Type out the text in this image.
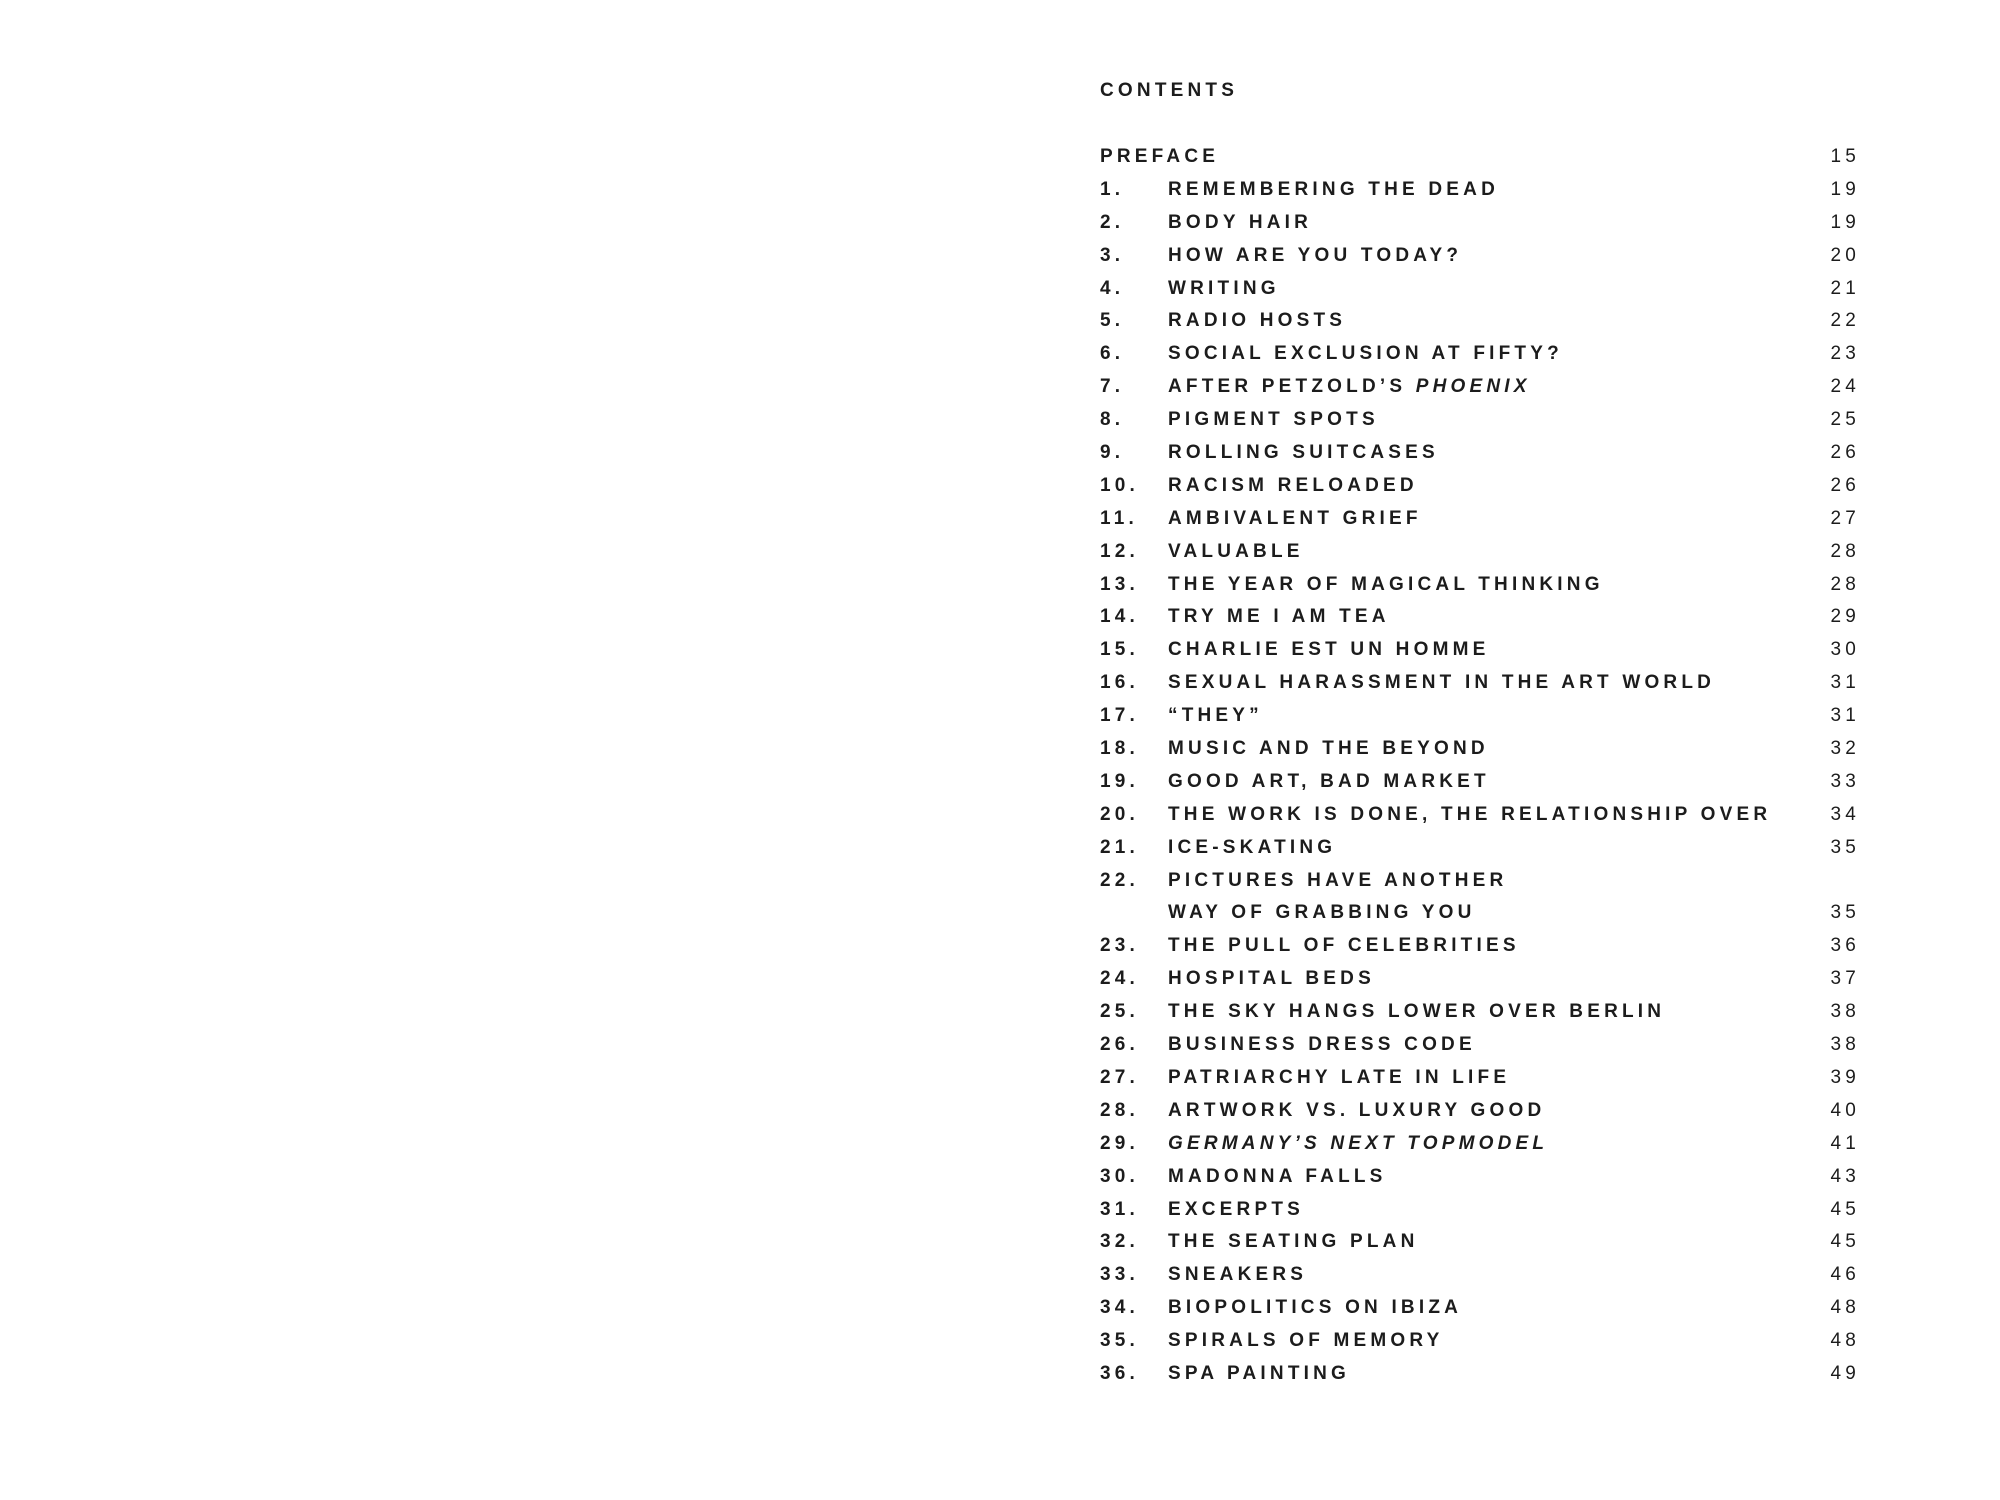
CONTENTS
PREFACE	15
1. REMEMBERING THE DEAD	19
2. BODY HAIR	19
3. HOW ARE YOU TODAY?	20
4. WRITING	21
5. RADIO HOSTS	22
6. SOCIAL EXCLUSION AT FIFTY?	23
7. AFTER PETZOLD’S PHOENIX	24
8. PIGMENT SPOTS	25
9. ROLLING SUITCASES	26
10. RACISM RELOADED	26
11. AMBIVALENT GRIEF	27
12. VALUABLE	28
13. THE YEAR OF MAGICAL THINKING	28
14. TRY ME I AM TEA	29
15. CHARLIE EST UN HOMME	30
16. SEXUAL HARASSMENT IN THE ART WORLD	31
17. “THEY”	31
18. MUSIC AND THE BEYOND	32
19. GOOD ART, BAD MARKET	33
20. THE WORK IS DONE, THE RELATIONSHIP OVER	34
21. ICE-SKATING	35
22. PICTURES HAVE ANOTHER
WAY OF GRABBING YOU	35
23. THE PULL OF CELEBRITIES	36
24. HOSPITAL BEDS	37
25. THE SKY HANGS LOWER OVER BERLIN	38
26. BUSINESS DRESS CODE	38
27. PATRIARCHY LATE IN LIFE	39
28. ARTWORK VS. LUXURY GOOD	40
29. GERMANY’S NEXT TOPMODEL	41
30. MADONNA FALLS	43
31. EXCERPTS	45
32. THE SEATING PLAN	45
33. SNEAKERS	46
34. BIOPOLITICS ON IBIZA	48
35. SPIRALS OF MEMORY	48
36. SPA PAINTING	49
